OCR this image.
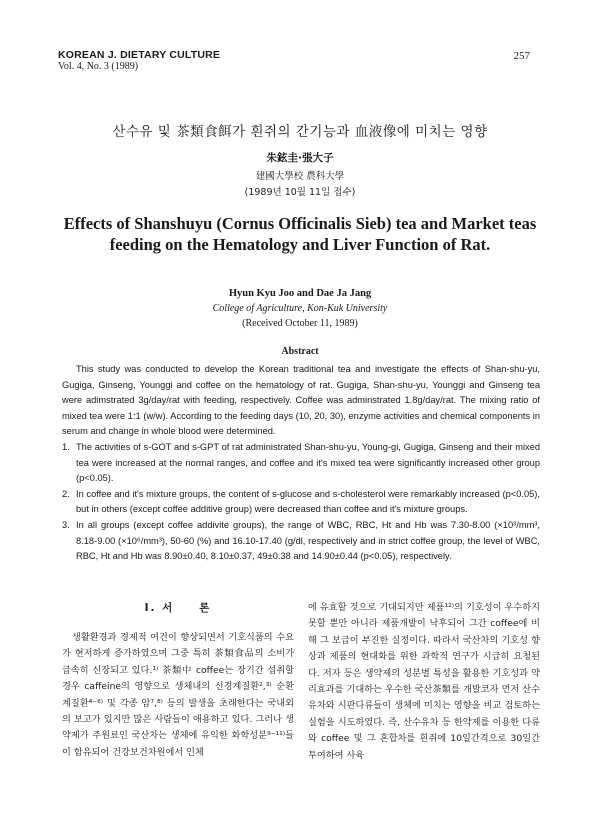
KOREAN J. DIETARY CULTURE
Vol. 4, No. 3 (1989)
257
산수유 및 茶類食餌가 흰쥐의 간기능과 血液像에 미치는 영향
朱鉉圭·張大子
建國大學校 農科大學
(1989년 10월 11일 접수)
Effects of Shanshuyu (Cornus Officinalis Sieb) tea and Market teas feeding on the Hematology and Liver Function of Rat.
Hyun Kyu Joo and Dae Ja Jang
College of Agriculture, Kon-Kuk University
(Received October 11, 1989)
Abstract

This study was conducted to develop the Korean traditional tea and investigate the effects of Shan-shu-yu, Gugiga, Ginseng, Younggi and coffee on the hematology of rat. Gugiga, Shan-shu-yu, Younggi and Ginseng tea were adimstrated 3g/day/rat with feeding, respectively. Coffee was adminstrated 1.8g/day/rat. The mixing ratio of mixed tea were 1:1 (w/w). According to the feeding days (10, 20, 30), enzyme activities and chemical components in serum and change in whole blood were determined.

1. The activities of s-GOT and s-GPT of rat administrated Shan-shu-yu, Young-gi, Gugiga, Ginseng and their mixed tea were increased at the normal ranges, and coffee and it's mixed tea were significantly increased other group (p<0.05).
2. In coffee and it's mixture groups, the content of s-glucose and s-cholesterol were remarkably increased (p<0.05), but in others (except coffee additive group) were decreased than coffee and it's mixture groups.
3. In all groups (except coffee addivite groups), the range of WBC, RBC, Ht and Hb was 7.30-8.00 (×10³/mm³, 8.18-9.00 (×10⁶/mm³), 50-60 (%) and 16.10-17.40 (g/dl, respectively and in strict coffee group, the level of WBC, RBC, Ht and Hb was 8.90±0.40, 8.10±0.37, 49±0.38 and 14.90±0.44 (p<0.05), respectively.
Ⅰ. 서　　론

생활환경과 경제적 여건이 향상되면서 기호식품의 수요가 현저하게 증가하였으며 그중 특히 茶類食品의 소비가 급속히 신장되고 있다.¹⁾ 茶類中 coffee는 장기간 섭취할 경우 caffeine의 영향으로 생체내의 신경계질환²,³⁾ 순환계질환⁴⁻⁶⁾ 및 각종 암⁷,⁸⁾ 등의 발생을 초래한다는 국내외의 보고가 있지만 많은 사람들이 애용하고 있다. 그러나 생약제가 주원료인 국산차는 생체에 유익한 화학성분⁹⁻¹¹⁾들이 함유되어 건강보건차원에서 인체

에 유효할 것으로 기대되지만 제품¹²⁾의 기호성이 우수하지 못할 뿐만 아니라 제품개발이 낙후되어 그간 coffee에 비해 그 보급이 부진한 실정이다. 따라서 국산차의 기호성 향상과 제품의 현대화를 위한 과학적 연구가 시급히 요청된다. 저자 등은 생약제의 성분별 특성을 활용한 기호성과 약리효과를 기대하는 우수한 국산茶類를 개발코자 먼저 산수유차와 시판다류들이 생체에 미치는 영향을 비교 검토하는 실험을 시도하였다. 즉, 산수유차 등 한약제를 이용한 다류와 coffee 및 그 혼합차를 흰쥐에 10일간격으로 30일간 투여하여 사육
